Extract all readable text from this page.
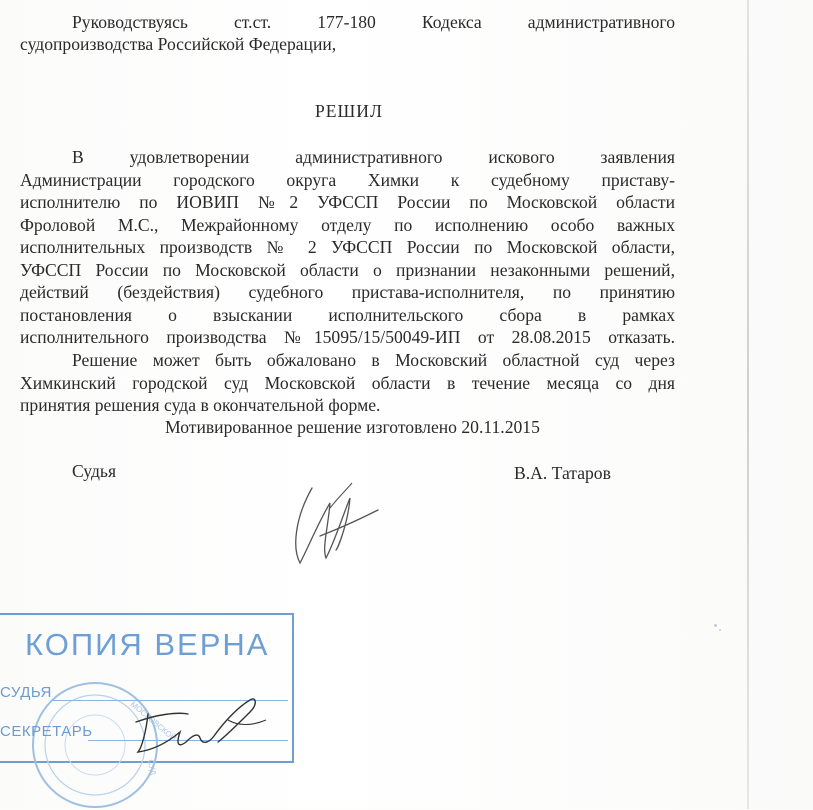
Руководствуясь ст.ст. 177-180 Кодекса административного
судопроизводства Российской Федерации,
РЕШИЛ
В удовлетворении административного искового заявления
Администрации городского округа Химки к судебному приставу-
исполнителю по ИОВИП №2 УФССП России по Московской области
Фроловой М.С., Межрайонному отделу по исполнению особо важных
исполнительных производств № 2 УФССП России по Московской области,
УФССП России по Московской области о признании незаконными решений,
действий (бездействия) судебного пристава-исполнителя, по принятию
постановления о взыскании исполнительского сбора в рамках
исполнительного производства №15095/15/50049-ИП от 28.08.2015 отказать.
Решение может быть обжаловано в Московский областной суд через
Химкинский городской суд Московской области в течение месяца со дня
принятия решения суда в окончательной форме.
Мотивированное решение изготовлено 20.11.2015
Судья	В.А. Татаров
КОПИЯ ВЕРНА
МОСКОВСКОЙ
СУД
СУДЬЯ
СЕКРЕТАРЬ
